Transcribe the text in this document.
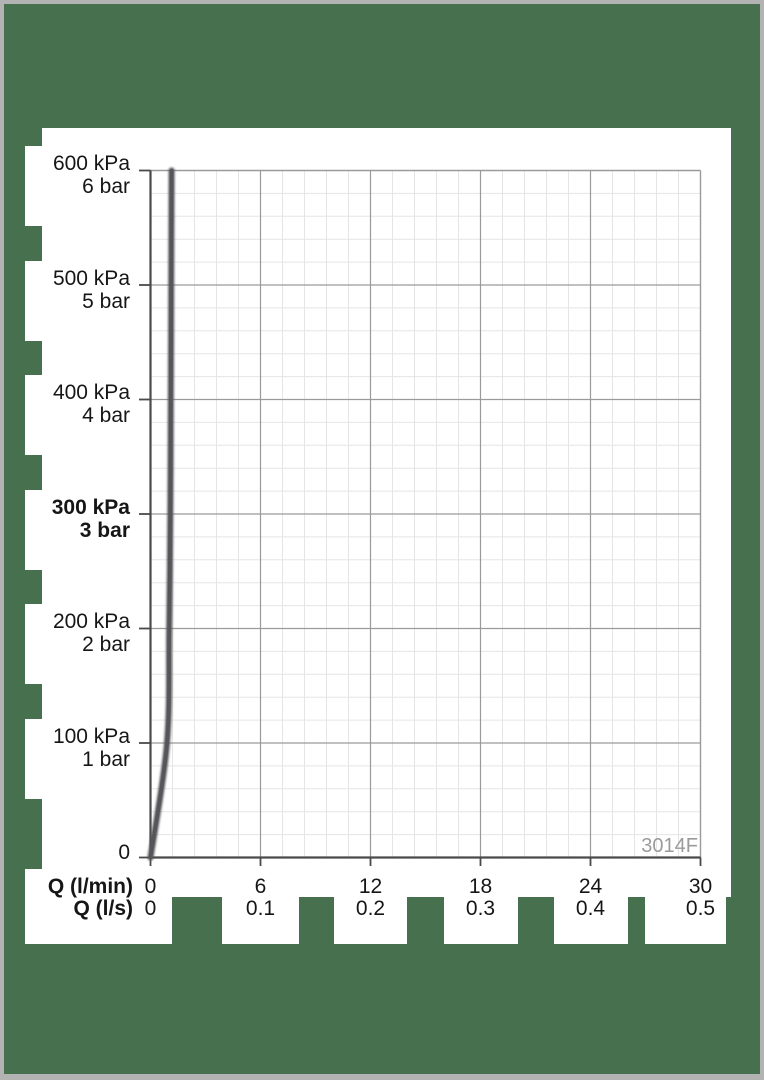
600 kPa
6 bar
500 kPa
5 bar
400 kPa
4 bar
300 kPa
3 bar
200 kPa
2 bar
100 kPa
1 bar
0
Q (l/min)
Q (l/s)
0	6	12	18	24	30
0	0.1	0.2	0.3	0.4	0.5
3014F
